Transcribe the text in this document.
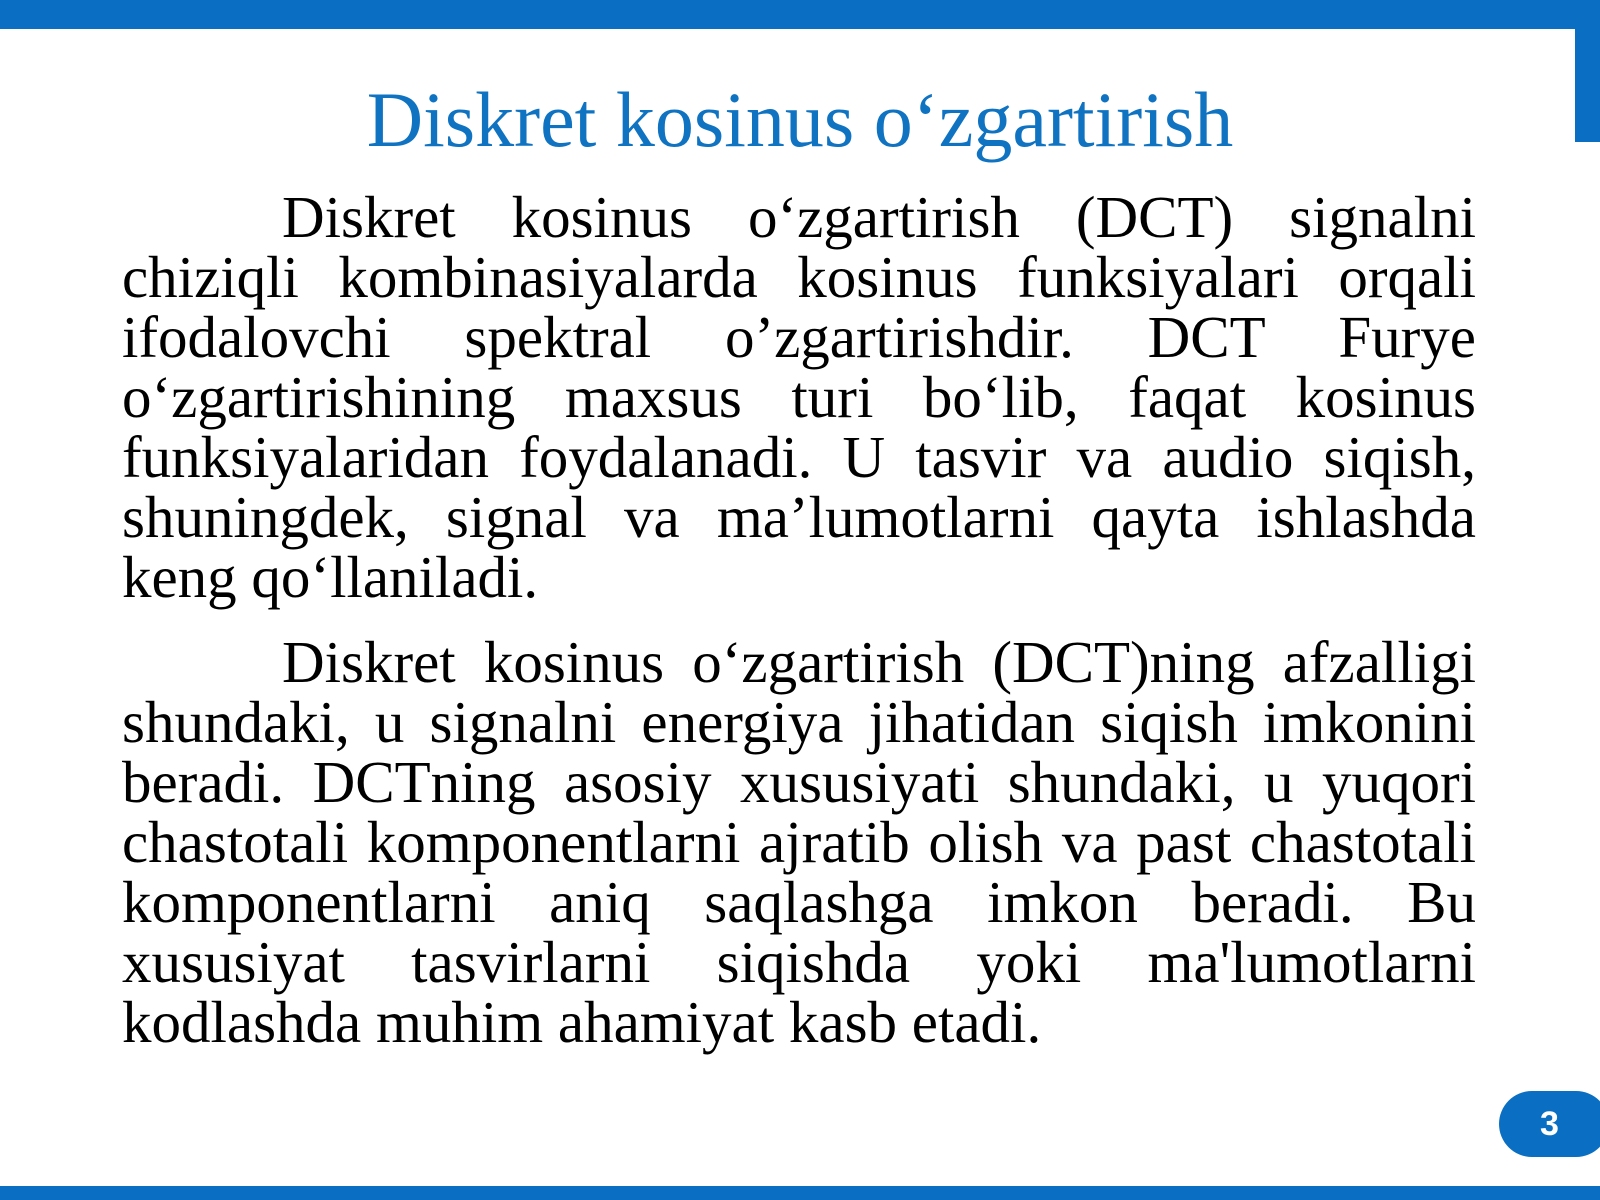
Diskret kosinus o‘zgartirish

Diskret kosinus o‘zgartirish (DCT) signalni chiziqli kombinasiyalarda kosinus funksiyalari orqali ifodalovchi spektral o’zgartirishdir. DCT Furye o‘zgartirishining maxsus turi bo‘lib, faqat kosinus funksiyalaridan foydalanadi. U tasvir va audio siqish, shuningdek, signal va ma’lumotlarni qayta ishlashda keng qo‘llaniladi.

Diskret kosinus o‘zgartirish (DCT)ning afzalligi shundaki, u signalni energiya jihatidan siqish imkonini beradi. DCTning asosiy xususiyati shundaki, u yuqori chastotali komponentlarni ajratib olish va past chastotali komponentlarni aniq saqlashga imkon beradi. Bu xususiyat tasvirlarni siqishda yoki ma'lumotlarni kodlashda muhim ahamiyat kasb etadi.

3
